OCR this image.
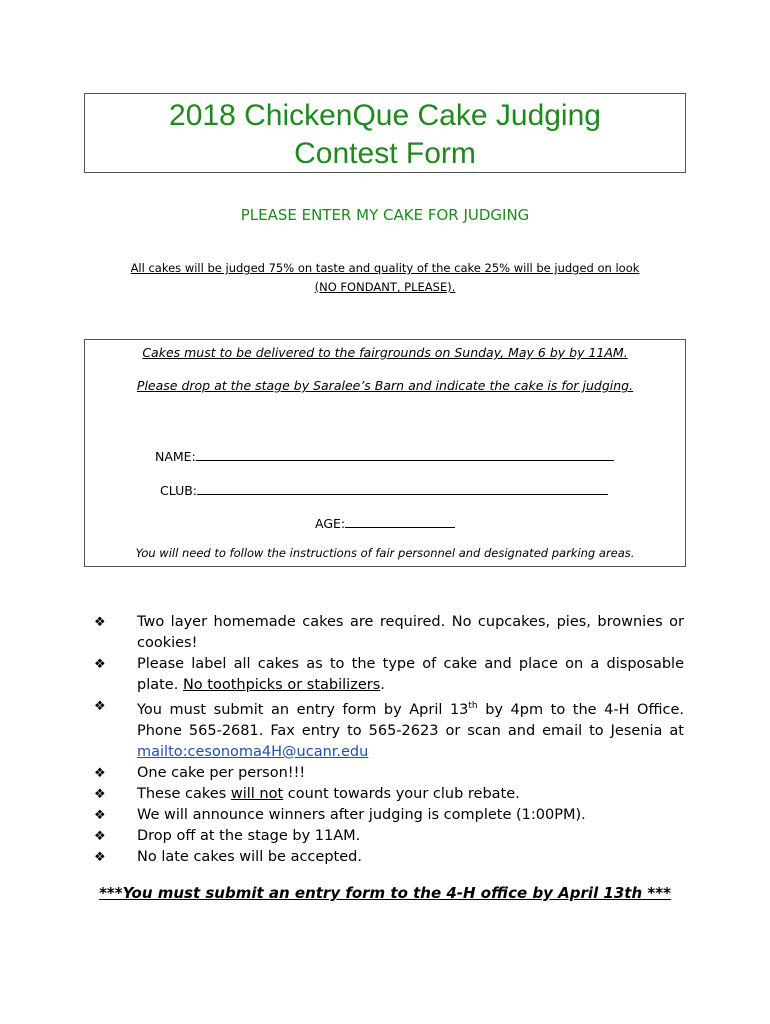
2018 ChickenQue Cake Judging
Contest Form
PLEASE ENTER MY CAKE FOR JUDGING
All cakes will be judged 75% on taste and quality of the cake 25% will be judged on look
(NO FONDANT, PLEASE).
Cakes must to be delivered to the fairgrounds on Sunday, May 6 by by 11AM.
Please drop at the stage by Saralee’s Barn and indicate the cake is for judging.
NAME:
CLUB:
AGE:
You will need to follow the instructions of fair personnel and designated parking areas.
❖ Two layer homemade cakes are required. No cupcakes, pies, brownies or cookies!
❖ Please label all cakes as to the type of cake and place on a disposable plate. No toothpicks or stabilizers.
❖ You must submit an entry form by April 13th by 4pm to the 4-H Office. Phone 565-2681. Fax entry to 565-2623 or scan and email to Jesenia at mailto:cesonoma4H@ucanr.edu
❖ One cake per person!!!
❖ These cakes will not count towards your club rebate.
❖ We will announce winners after judging is complete (1:00PM).
❖ Drop off at the stage by 11AM.
❖ No late cakes will be accepted.
***You must submit an entry form to the 4-H office by April 13th ***
